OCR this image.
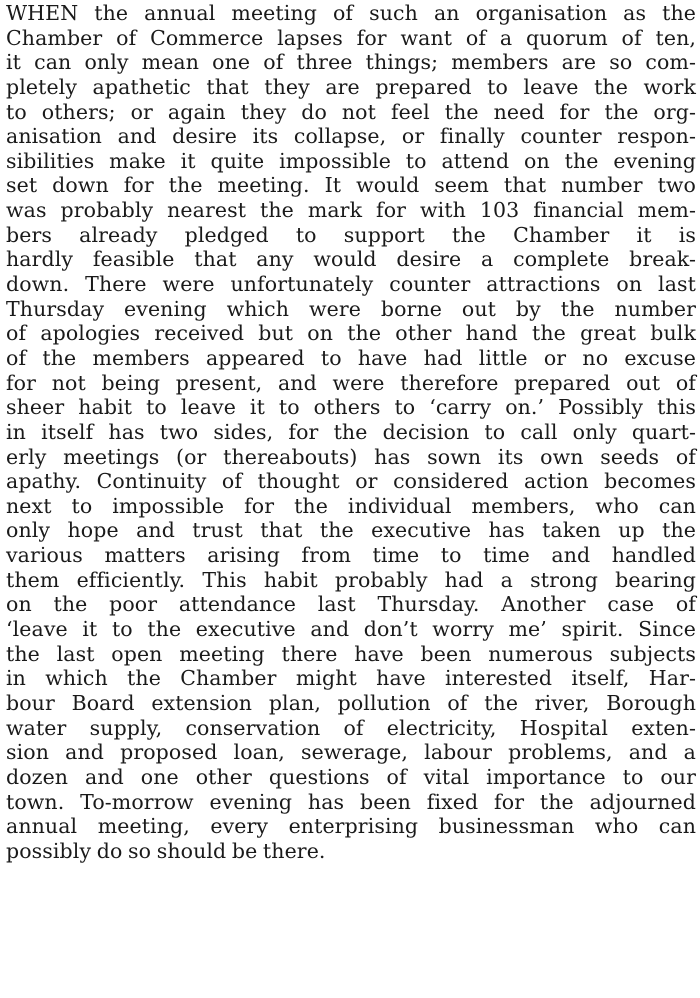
WHEN the annual meeting of such an organisation as the
Chamber of Commerce lapses for want of a quorum of ten,
it can only mean one of three things; members are so com-
pletely apathetic that they are prepared to leave the work
to others; or again they do not feel the need for the org-
anisation and desire its collapse, or finally counter respon-
sibilities make it quite impossible to attend on the evening
set down for the meeting. It would seem that number two
was probably nearest the mark for with 103 financial mem-
bers already pledged to support the Chamber it is
hardly feasible that any would desire a complete break-
down. There were unfortunately counter attractions on last
Thursday evening which were borne out by the number
of apologies received but on the other hand the great bulk
of the members appeared to have had little or no excuse
for not being present, and were therefore prepared out of
sheer habit to leave it to others to ‘carry on.’ Possibly this
in itself has two sides, for the decision to call only quart-
erly meetings (or thereabouts) has sown its own seeds of
apathy. Continuity of thought or considered action becomes
next to impossible for the individual members, who can
only hope and trust that the executive has taken up the
various matters arising from time to time and handled
them efficiently. This habit probably had a strong bearing
on the poor attendance last Thursday. Another case of
‘leave it to the executive and don’t worry me’ spirit. Since
the last open meeting there have been numerous subjects
in which the Chamber might have interested itself, Har-
bour Board extension plan, pollution of the river, Borough
water supply, conservation of electricity, Hospital exten-
sion and proposed loan, sewerage, labour problems, and a
dozen and one other questions of vital importance to our
town. To-morrow evening has been fixed for the adjourned
annual meeting, every enterprising businessman who can
possibly do so should be there.
